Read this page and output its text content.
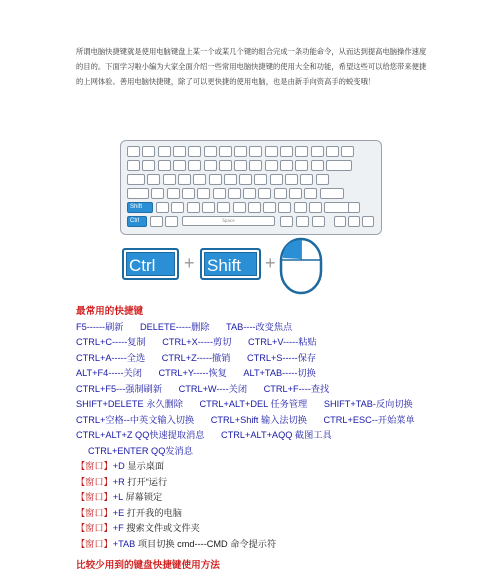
所谓电脑快捷键就是使用电脑键盘上某一个或某几个键的组合完成一条功能命令，从而达到提高电脑操作速度的目的。下面学习啦小编为大家全面介绍一些常用电脑快捷键的使用大全和功能，希望这些可以给您带来便捷的上网体验。善用电脑快捷键，除了可以更快捷的使用电脑，也是由新手向资高手的蜕变哦！
Shift
Ctrl	Space
Ctrl	+ Shift	+

最常用的快捷键

F5------刷新 DELETE-----删除 TAB----改变焦点

CTRL+C-----复制 CTRL+X-----剪切 CTRL+V-----粘贴

CTRL+A-----全选 CTRL+Z-----撤销 CTRL+S-----保存

ALT+F4-----关闭 CTRL+Y-----恢复 ALT+TAB-----切换

CTRL+F5---强制刷新 CTRL+W----关闭 CTRL+F----查找

SHIFT+DELETE 永久删除 CTRL+ALT+DEL 任务管理 SHIFT+TAB-反向切换

CTRL+空格--中英文输入切换 CTRL+Shift 输入法切换 CTRL+ESC--开始菜单

CTRL+ALT+Z QQ快速提取消息 CTRL+ALT+AQQ 截图工具

CTRL+ENTER QQ发消息

【窗口】+D 显示桌面

【窗口】+R 打开“运行

【窗口】+L 屏幕锁定

【窗口】+E 打开我的电脑

【窗口】+F 搜索文件或文件夹

【窗口】+TAB 项目切换 cmd----CMD 命令提示符

比较少用到的键盘快捷键使用方法
